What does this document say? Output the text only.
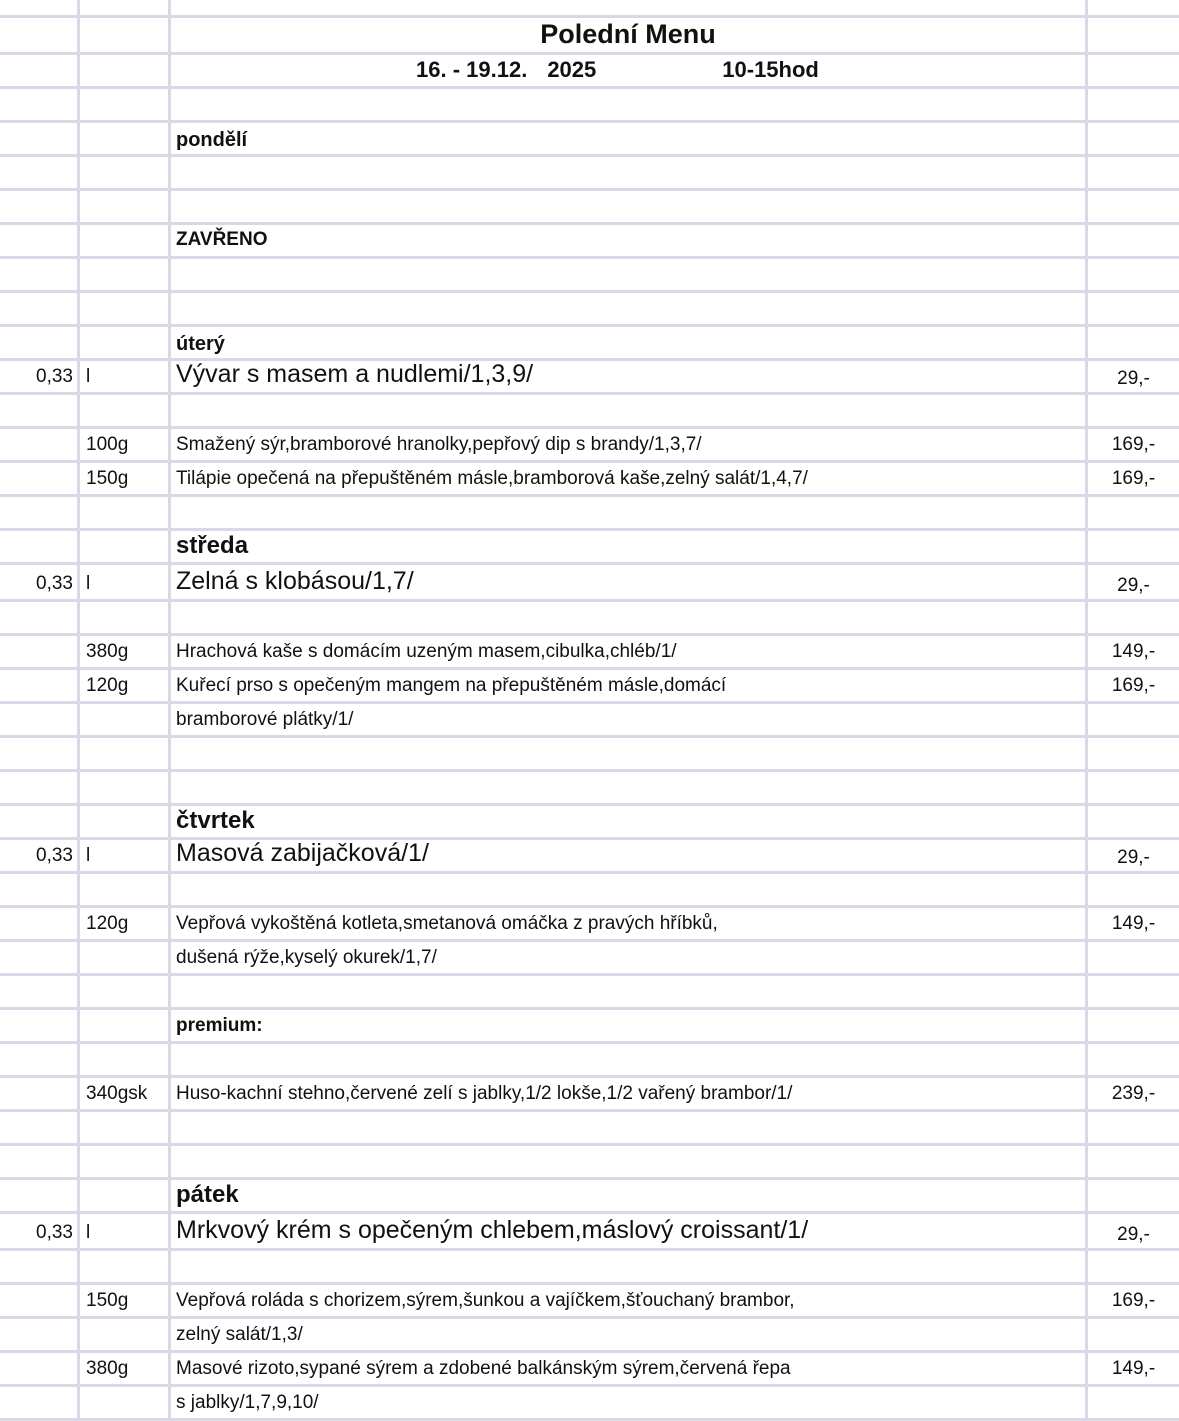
Polední Menu
16. - 19.12. 2025	10-15hod
pondělí
ZAVŘENO
úterý
0,33 l	Vývar s masem a nudlemi/1,3,9/	29,-
100g	Smažený sýr,bramborové hranolky,pepřový dip s brandy/1,3,7/	169,-
150g	Tilápie opečená na přepuštěném másle,bramborová kaše,zelný salát/1,4,7/	169,-
středa
0,33 l	Zelná s klobásou/1,7/	29,-
380g	Hrachová kaše s domácím uzeným masem,cibulka,chléb/1/	149,-
120g	Kuřecí prso s opečeným mangem na přepuštěném másle,domácí	169,-
bramborové plátky/1/
čtvrtek
0,33 l	Masová zabijačková/1/	29,-
120g	Vepřová vykoštěná kotleta,smetanová omáčka z pravých hříbků,	149,-
dušená rýže,kyselý okurek/1,7/
premium:
340gsk	Huso-kachní stehno,červené zelí s jablky,1/2 lokše,1/2 vařený brambor/1/	239,-
pátek
0,33 l	Mrkvový krém s opečeným chlebem,máslový croissant/1/	29,-
150g	Vepřová roláda s chorizem,sýrem,šunkou a vajíčkem,šťouchaný brambor,	169,-
zelný salát/1,3/
380g	Masové rizoto,sypané sýrem a zdobené balkánským sýrem,červená řepa	149,-
s jablky/1,7,9,10/
